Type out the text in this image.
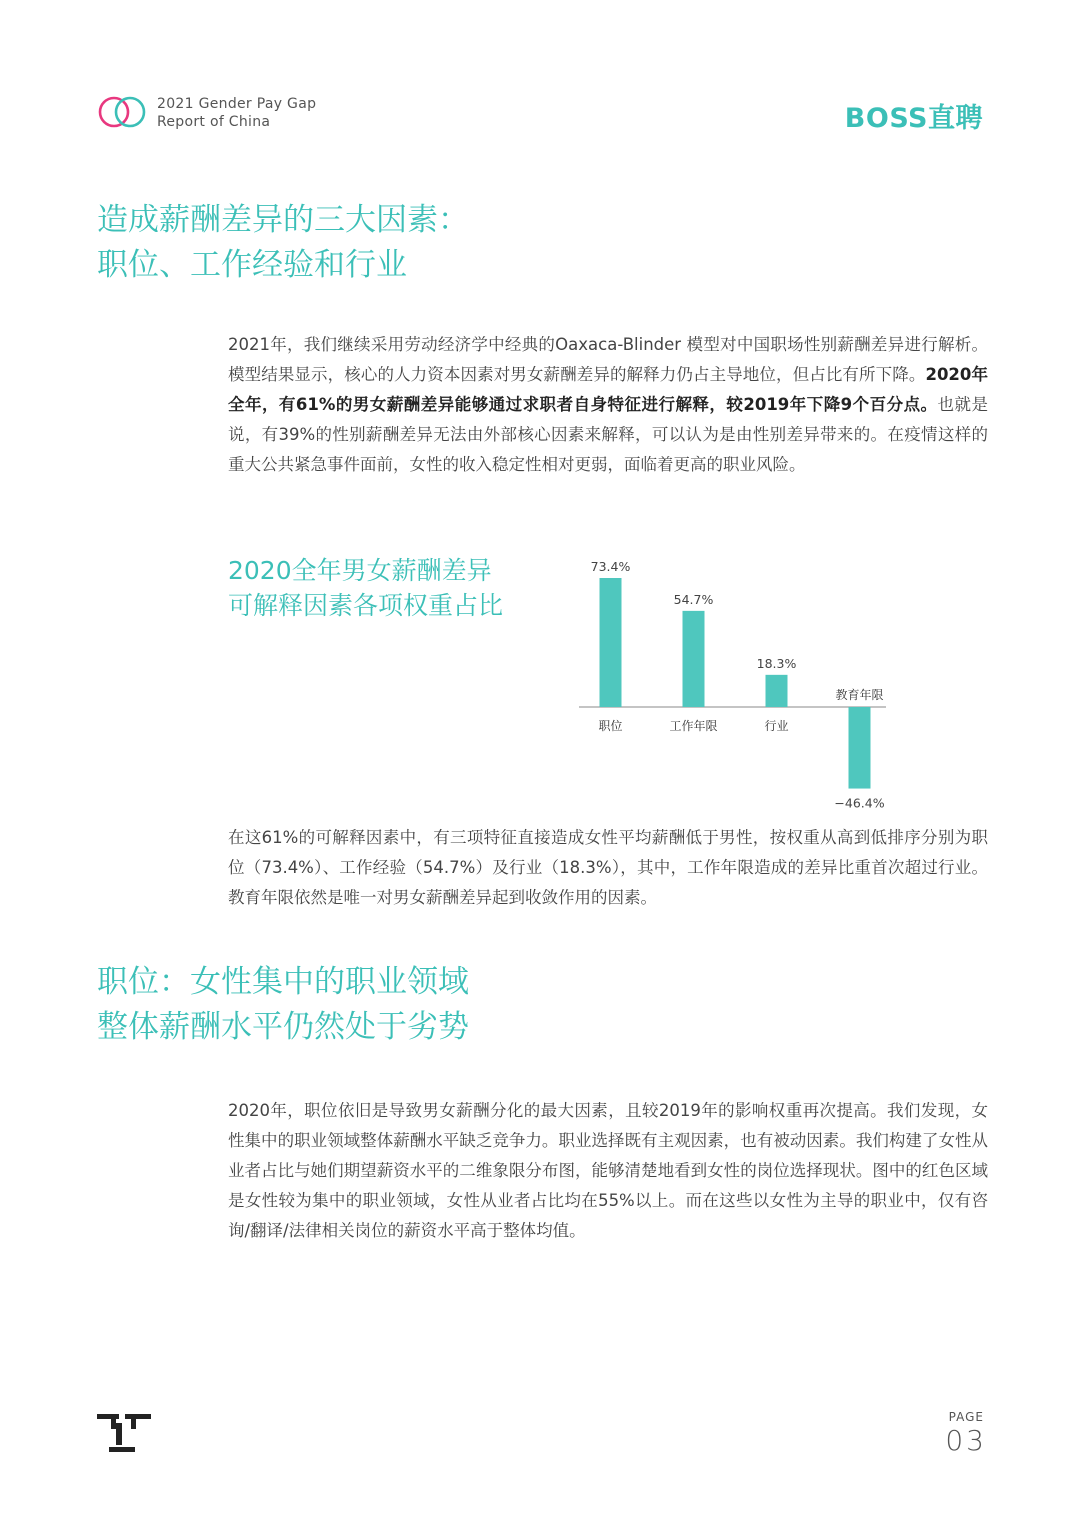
2021 Gender Pay Gap
Report of China	BOSS直聘
造成薪酬差异的三大因素：
职位、工作经验和行业
2021年，我们继续采用劳动经济学中经典的Oaxaca-Blinder 模型对中国职场性别薪酬差异进行解析。模型结果显示，核心的人力资本因素对男女薪酬差异的解释力仍占主导地位，但占比有所下降。2020年全年，有61%的男女薪酬差异能够通过求职者自身特征进行解释，较2019年下降9个百分点。也就是说，有39%的性别薪酬差异无法由外部核心因素来解释，可以认为是由性别差异带来的。在疫情这样的重大公共紧急事件面前，女性的收入稳定性相对更弱，面临着更高的职业风险。
2020全年男女薪酬差异
可解释因素各项权重占比
73.4%
职位
54.7%
工作年限
18.3%
行业
−46.4%
教育年限
在这61%的可解释因素中，有三项特征直接造成女性平均薪酬低于男性，按权重从高到低排序分别为职位（73.4%）、工作经验（54.7%）及行业（18.3%），其中，工作年限造成的差异比重首次超过行业。教育年限依然是唯一对男女薪酬差异起到收敛作用的因素。
职位：女性集中的职业领域
整体薪酬水平仍然处于劣势
2020年，职位依旧是导致男女薪酬分化的最大因素，且较2019年的影响权重再次提高。我们发现，女性集中的职业领域整体薪酬水平缺乏竞争力。职业选择既有主观因素，也有被动因素。我们构建了女性从业者占比与她们期望薪资水平的二维象限分布图，能够清楚地看到女性的岗位选择现状。图中的红色区域是女性较为集中的职业领域，女性从业者占比均在55%以上。而在这些以女性为主导的职业中，仅有咨询/翻译/法律相关岗位的薪资水平高于整体均值。
PAGE
03
